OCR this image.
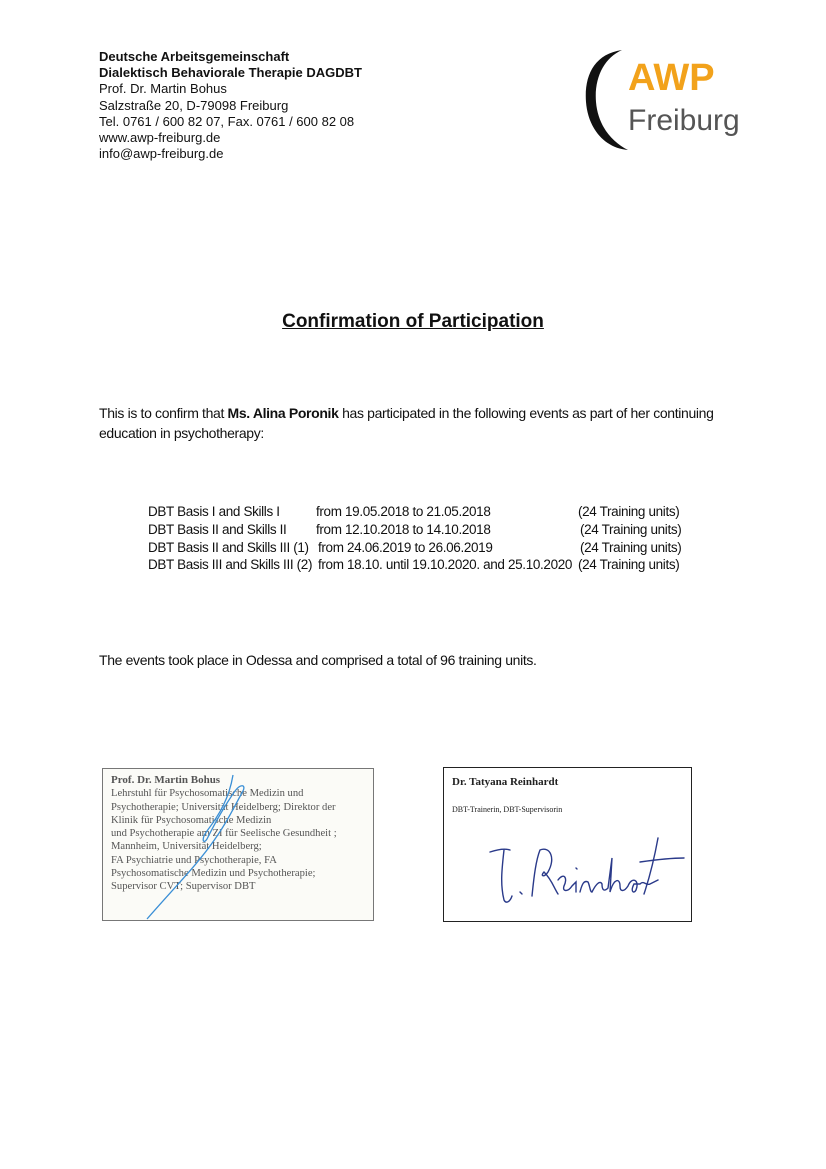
Deutsche Arbeitsgemeinschaft
Dialektisch Behaviorale Therapie DAGDBT
Prof. Dr. Martin Bohus
Salzstraße 20, D-79098 Freiburg
Tel. 0761 / 600 82 07, Fax. 0761 / 600 82 08
www.awp-freiburg.de
info@awp-freiburg.de
AWP
Freiburg
Confirmation of Participation
This is to confirm that Ms. Alina Poronik has participated in the following events as part of her continuing education in psychotherapy:
DBT Basis I and Skills I	from 19.05.2018 to 21.05.2018	(24 Training units)
DBT Basis II and Skills II from 12.10.2018 to 14.10.2018	(24 Training units)
DBT Basis II and Skills III (1) from 24.06.2019 to 26.06.2019	(24 Training units)
DBT Basis III and Skills III (2) from 18.10. until 19.10.2020. and 25.10.2020 (24 Training units)
The events took place in Odessa and comprised a total of 96 training units.
Prof. Dr. Martin Bohus
Lehrstuhl für Psychosomatische Medizin und
Psychotherapie; Universität Heidelberg; Direktor der
Klinik für Psychosomatische Medizin
und Psychotherapie am ZI für Seelische Gesundheit ;
Mannheim, Universität Heidelberg;
FA Psychiatrie und Psychotherapie, FA
Psychosomatische Medizin und Psychotherapie;
Supervisor CVT; Supervisor DBT
Dr. Tatyana Reinhardt
DBT-Trainerin, DBT-Supervisorin
